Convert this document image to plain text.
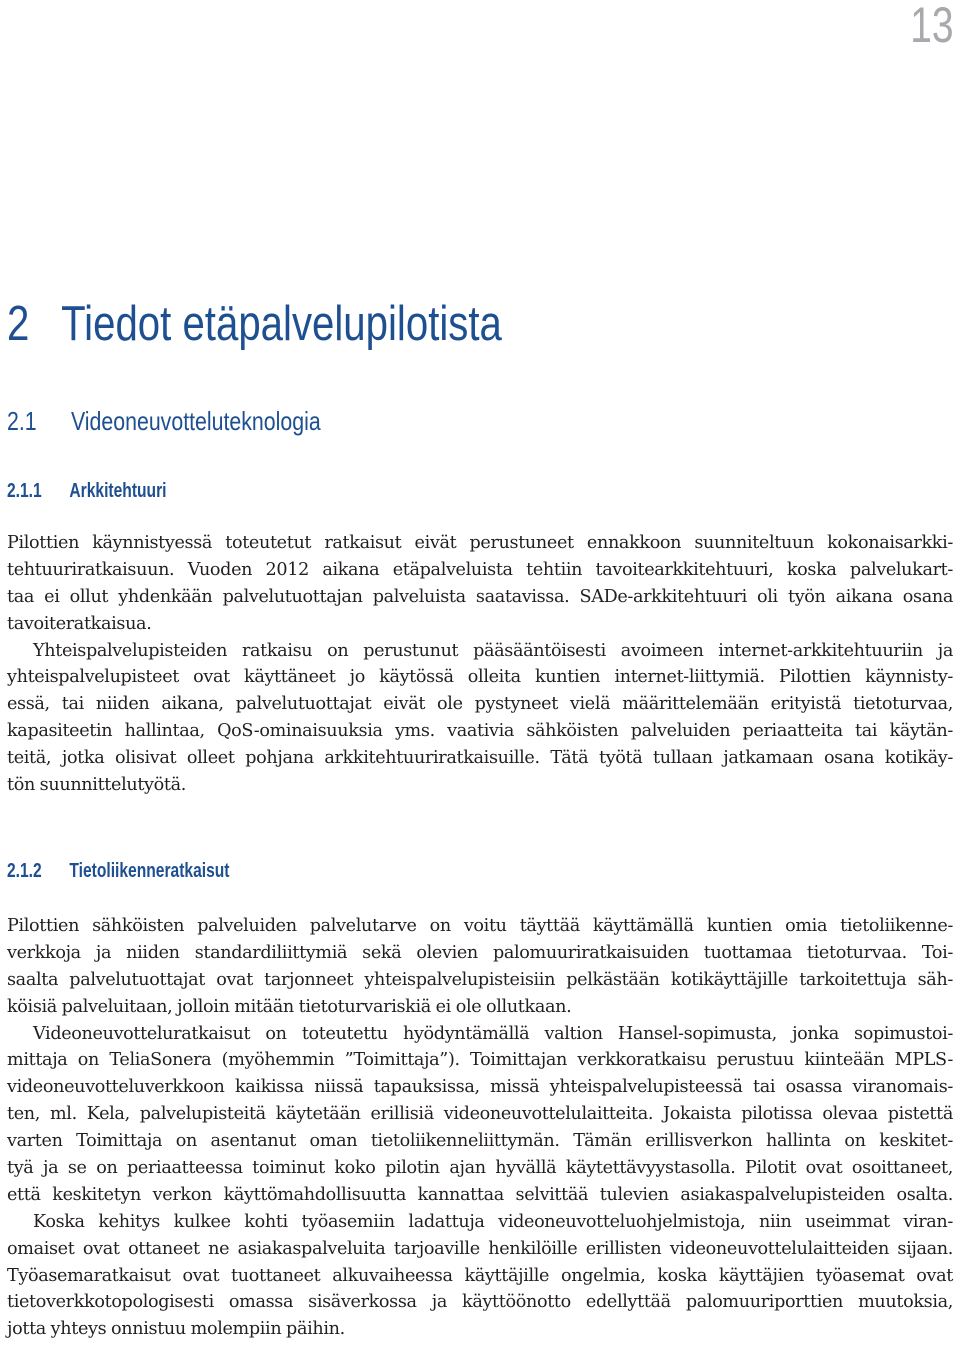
13
2 Tiedot etäpalvelupilotista
2.1 Videoneuvotteluteknologia
2.1.1 Arkkitehtuuri
Pilottien käynnistyessä toteutetut ratkaisut eivät perustuneet ennakkoon suunniteltuun kokonaisarkki-
tehtuuriratkaisuun. Vuoden 2012 aikana etäpalveluista tehtiin tavoitearkkitehtuuri, koska palvelukart-
taa ei ollut yhdenkään palvelutuottajan palveluista saatavissa. SADe-arkkitehtuuri oli työn aikana osana
tavoiteratkaisua.
Yhteispalvelupisteiden ratkaisu on perustunut pääsääntöisesti avoimeen internet-arkkitehtuuriin ja
yhteispalvelupisteet ovat käyttäneet jo käytössä olleita kuntien internet-liittymiä. Pilottien käynnisty-
essä, tai niiden aikana, palvelutuottajat eivät ole pystyneet vielä määrittelemään erityistä tietoturvaa,
kapasiteetin hallintaa, QoS-ominaisuuksia yms. vaativia sähköisten palveluiden periaatteita tai käytän-
teitä, jotka olisivat olleet pohjana arkkitehtuuriratkaisuille. Tätä työtä tullaan jatkamaan osana kotikäy-
tön suunnittelutyötä.
2.1.2 Tietoliikenneratkaisut
Pilottien sähköisten palveluiden palvelutarve on voitu täyttää käyttämällä kuntien omia tietoliikenne-
verkkoja ja niiden standardiliittymiä sekä olevien palomuuriratkaisuiden tuottamaa tietoturvaa. Toi-
saalta palvelutuottajat ovat tarjonneet yhteispalvelupisteisiin pelkästään kotikäyttäjille tarkoitettuja säh-
köisiä palveluitaan, jolloin mitään tietoturvariskiä ei ole ollutkaan.
Videoneuvotteluratkaisut on toteutettu hyödyntämällä valtion Hansel-sopimusta, jonka sopimustoi-
mittaja on TeliaSonera (myöhemmin ”Toimittaja”). Toimittajan verkkoratkaisu perustuu kiinteään MPLS-
videoneuvotteluverkkoon kaikissa niissä tapauksissa, missä yhteispalvelupisteessä tai osassa viranomais-
ten, ml. Kela, palvelupisteitä käytetään erillisiä videoneuvottelulaitteita. Jokaista pilotissa olevaa pistettä
varten Toimittaja on asentanut oman tietoliikenneliittymän. Tämän erillisverkon hallinta on keskitet-
tyä ja se on periaatteessa toiminut koko pilotin ajan hyvällä käytettävyystasolla. Pilotit ovat osoittaneet,
että keskitetyn verkon käyttömahdollisuutta kannattaa selvittää tulevien asiakaspalvelupisteiden osalta.
Koska kehitys kulkee kohti työasemiin ladattuja videoneuvotteluohjelmistoja, niin useimmat viran-
omaiset ovat ottaneet ne asiakaspalveluita tarjoaville henkilöille erillisten videoneuvottelulaitteiden sijaan.
Työasemaratkaisut ovat tuottaneet alkuvaiheessa käyttäjille ongelmia, koska käyttäjien työasemat ovat
tietoverkkotopologisesti omassa sisäverkossa ja käyttöönotto edellyttää palomuuriporttien muutoksia,
jotta yhteys onnistuu molempiin päihin.
